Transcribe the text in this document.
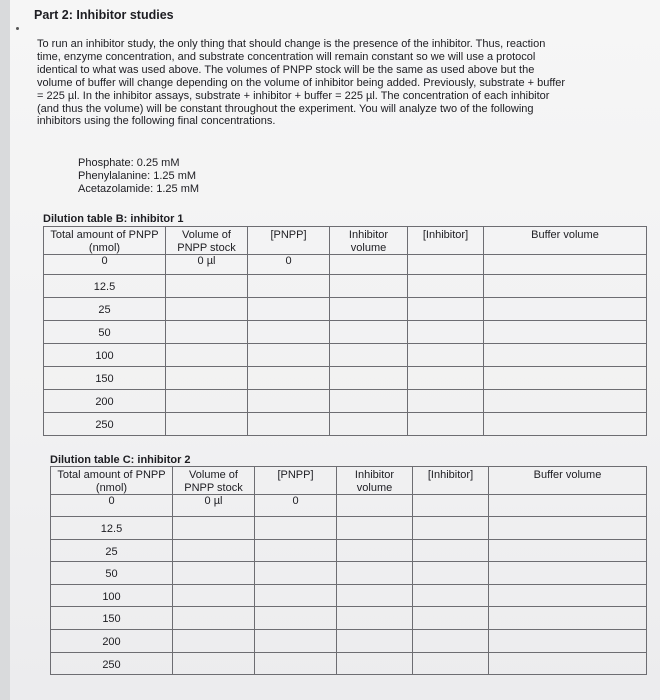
Part 2: Inhibitor studies

To run an inhibitor study, the only thing that should change is the presence of the inhibitor. Thus, reaction time, enzyme concentration, and substrate concentration will remain constant so we will use a protocol identical to what was used above. The volumes of PNPP stock will be the same as used above but the volume of buffer will change depending on the volume of inhibitor being added. Previously, substrate + buffer = 225 µl. In the inhibitor assays, substrate + inhibitor + buffer = 225 µl. The concentration of each inhibitor (and thus the volume) will be constant throughout the experiment. You will analyze two of the following inhibitors using the following final concentrations.

Phosphate: 0.25 mM
Phenylalanine: 1.25 mM
Acetazolamide: 1.25 mM
Dilution table B: inhibitor 1
Total amount of PNPP (nmol)	Volume of PNPP stock	[PNPP]	Inhibitor volume	[Inhibitor]	Buffer volume
0	0 µl	0			
12.5					
25					
50					
100					
150					
200					
250					
Dilution table C: inhibitor 2
Total amount of PNPP (nmol)	Volume of PNPP stock	[PNPP]	Inhibitor volume	[Inhibitor]	Buffer volume
0	0 µl	0			
12.5					
25					
50					
100					
150					
200					
250					
